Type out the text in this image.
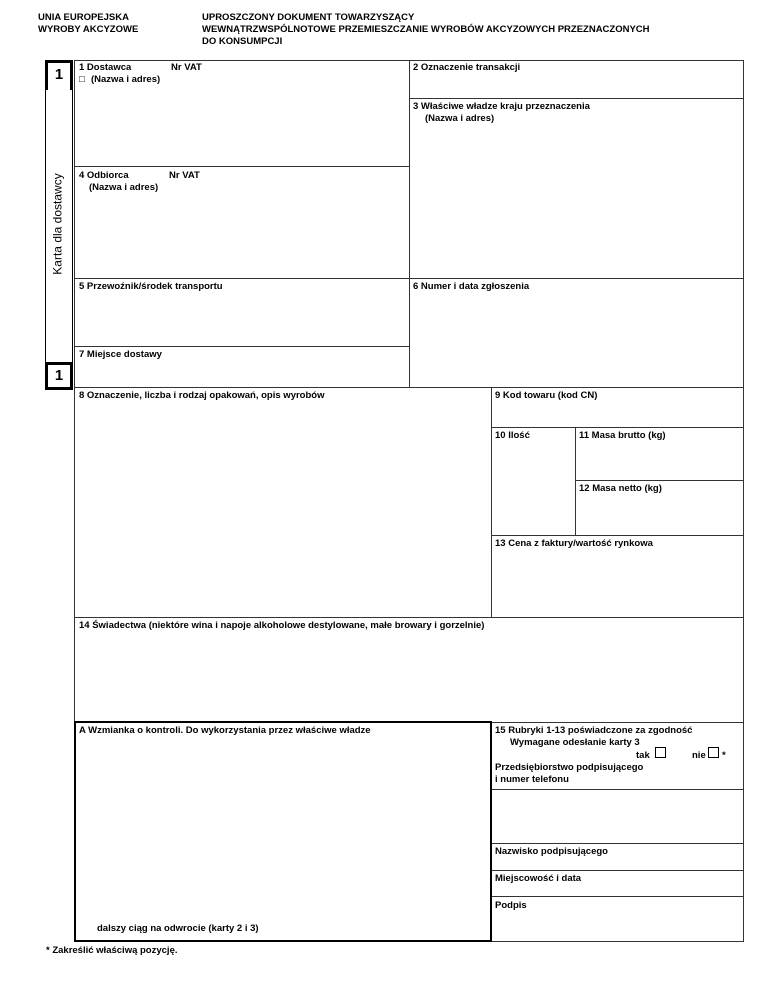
UNIA EUROPEJSKA
WYROBY AKCYZOWE
UPROSZCZONY DOKUMENT TOWARZYSZĄCY
WEWNĄTRZWSPÓLNOTOWE PRZEMIESZCZANIE WYROBÓW AKCYZOWYCH PRZEZNACZONYCH
DO KONSUMPCJI
1
Karta dla dostawcy
1
1 Dostawca	Nr VAT
□ (Nazwa i adres)
2 Oznaczenie transakcji
3 Właściwe władze kraju przeznaczenia
(Nazwa i adres)
4 Odbiorca	Nr VAT
(Nazwa i adres)
5 Przewoźnik/środek transportu	6 Numer i data zgłoszenia
7 Miejsce dostawy
8 Oznaczenie, liczba i rodzaj opakowań, opis wyrobów	9 Kod towaru (kod CN)
10 Ilość	11 Masa brutto (kg)
12 Masa netto (kg)
13 Cena z faktury/wartość rynkowa
14 Świadectwa (niektóre wina i napoje alkoholowe destylowane, małe browary i gorzelnie)
A Wzmianka o kontroli. Do wykorzystania przez właściwe władze
dalszy ciąg na odwrocie (karty 2 i 3)
15 Rubryki 1-13 poświadczone za zgodność
Wymagane odesłanie karty 3
tak	nie *
Przedsiębiorstwo podpisującego
i numer telefonu
Nazwisko podpisującego
Miejscowość i data
Podpis
* Zakreślić właściwą pozycję.
